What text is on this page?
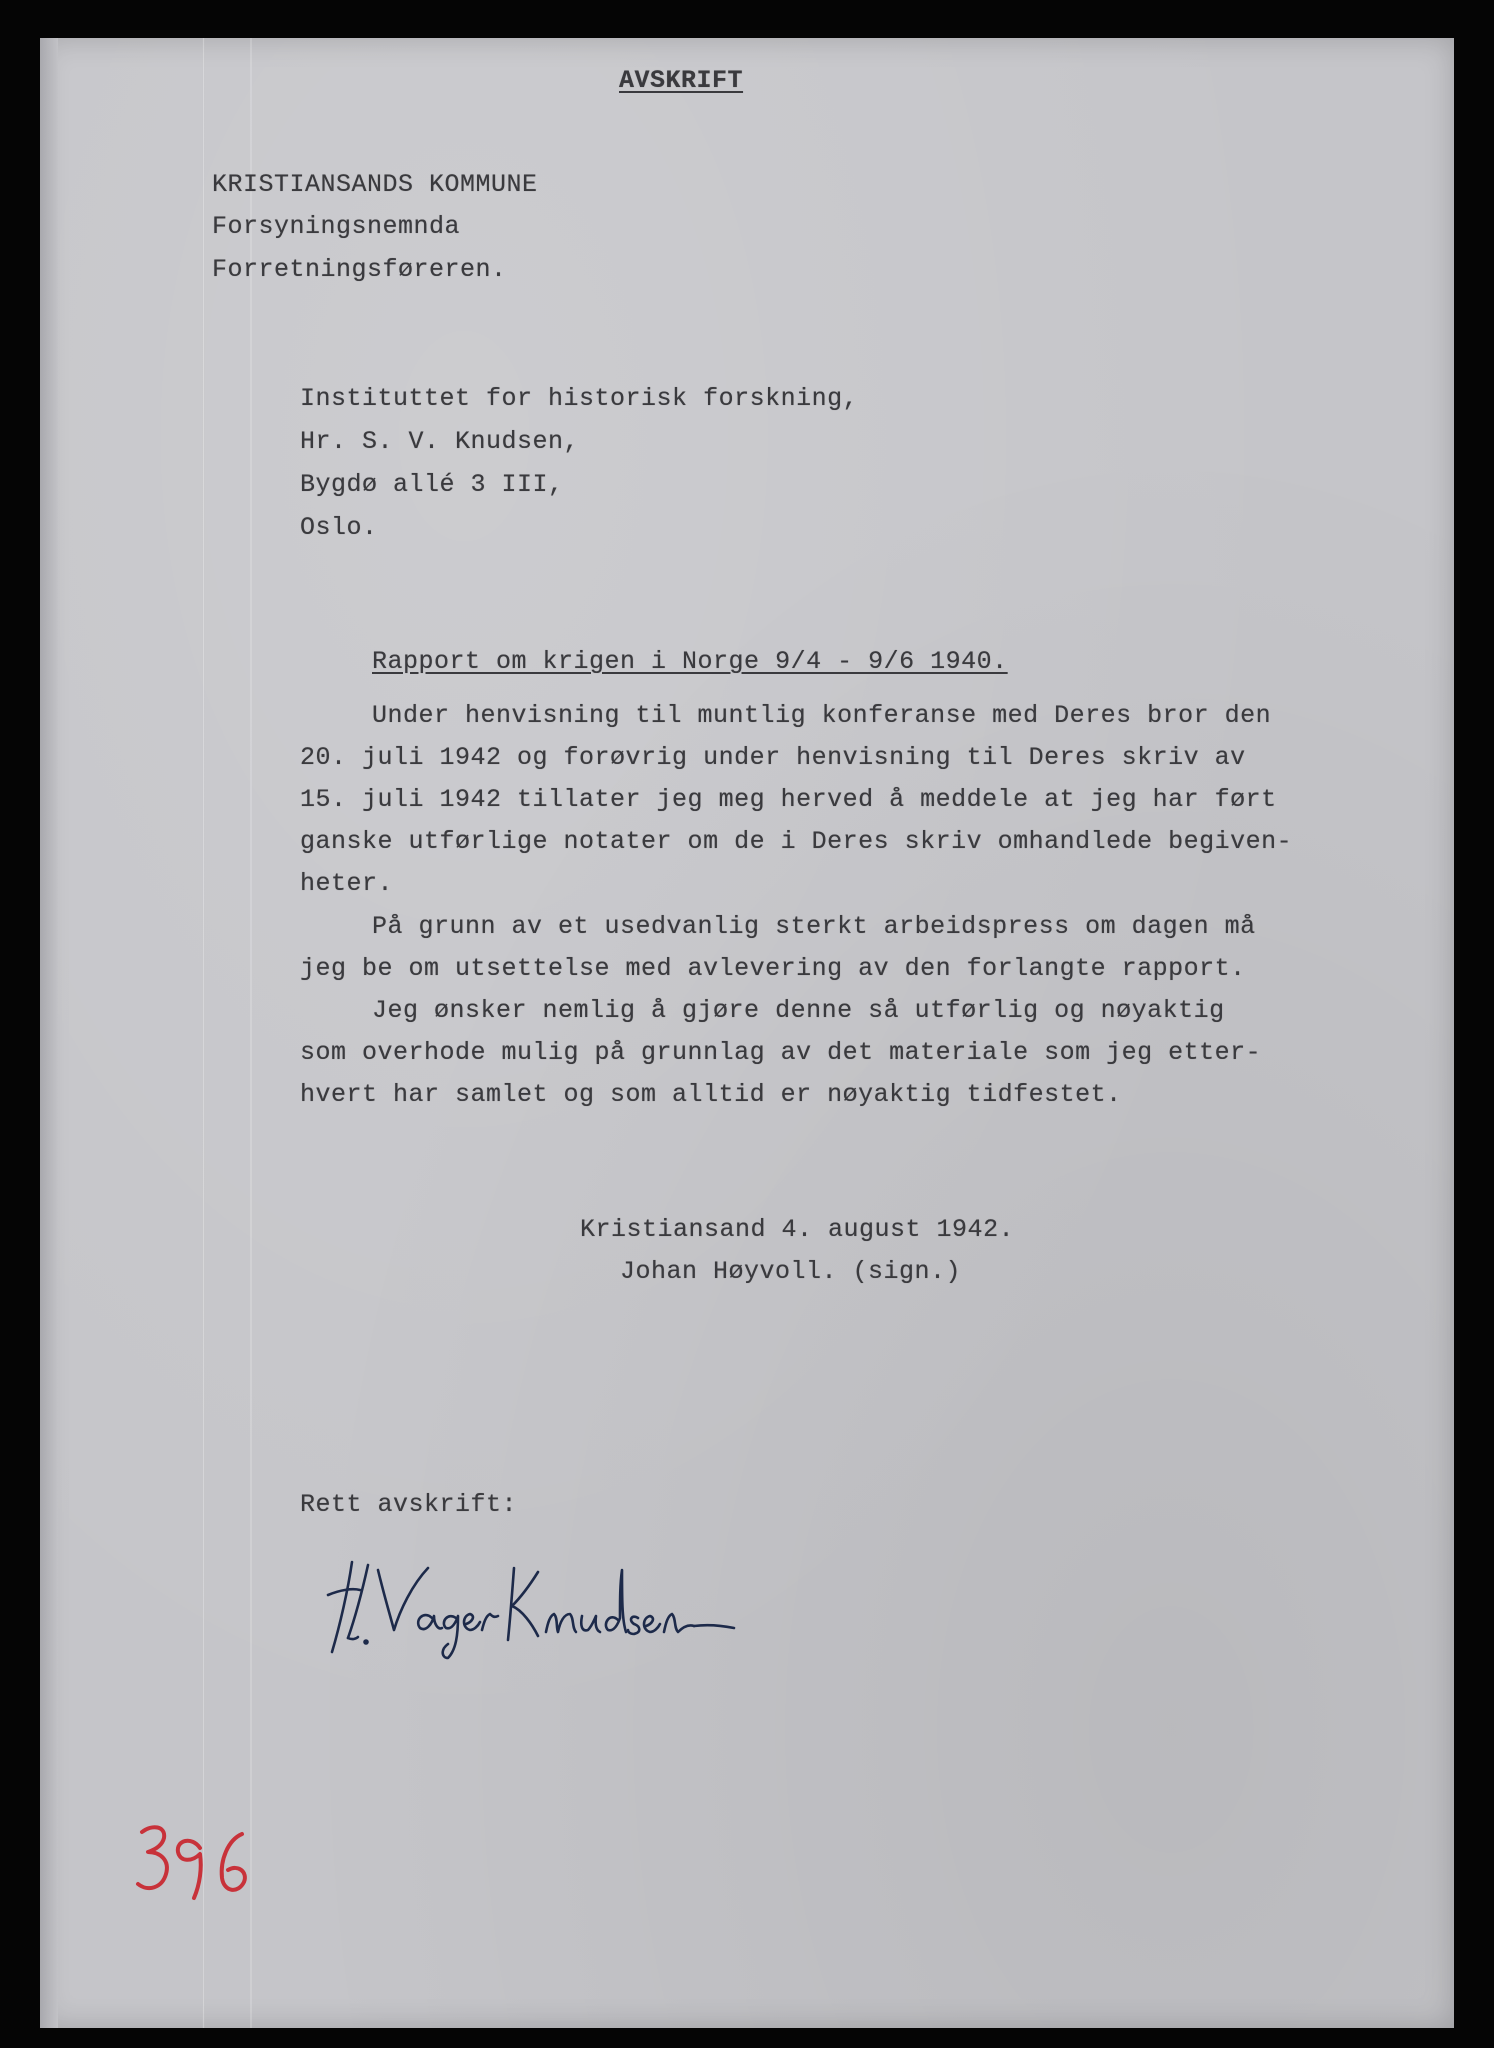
AVSKRIFT
KRISTIANSANDS KOMMUNE
Forsyningsnemnda
Forretningsføreren.
Instituttet for historisk forskning,
Hr. S. V. Knudsen,
Bygdø allé 3 III,
Oslo.
Rapport om krigen i Norge 9/4 - 9/6 1940.
Under henvisning til muntlig konferanse med Deres bror den
20. juli 1942 og forøvrig under henvisning til Deres skriv av
15. juli 1942 tillater jeg meg herved å meddele at jeg har ført
ganske utførlige notater om de i Deres skriv omhandlede begiven-
heter.
På grunn av et usedvanlig sterkt arbeidspress om dagen må
jeg be om utsettelse med avlevering av den forlangte rapport.
Jeg ønsker nemlig å gjøre denne så utførlig og nøyaktig
som overhode mulig på grunnlag av det materiale som jeg etter-
hvert har samlet og som alltid er nøyaktig tidfestet.
Kristiansand 4. august 1942.
Johan Høyvoll. (sign.)
Rett avskrift:
